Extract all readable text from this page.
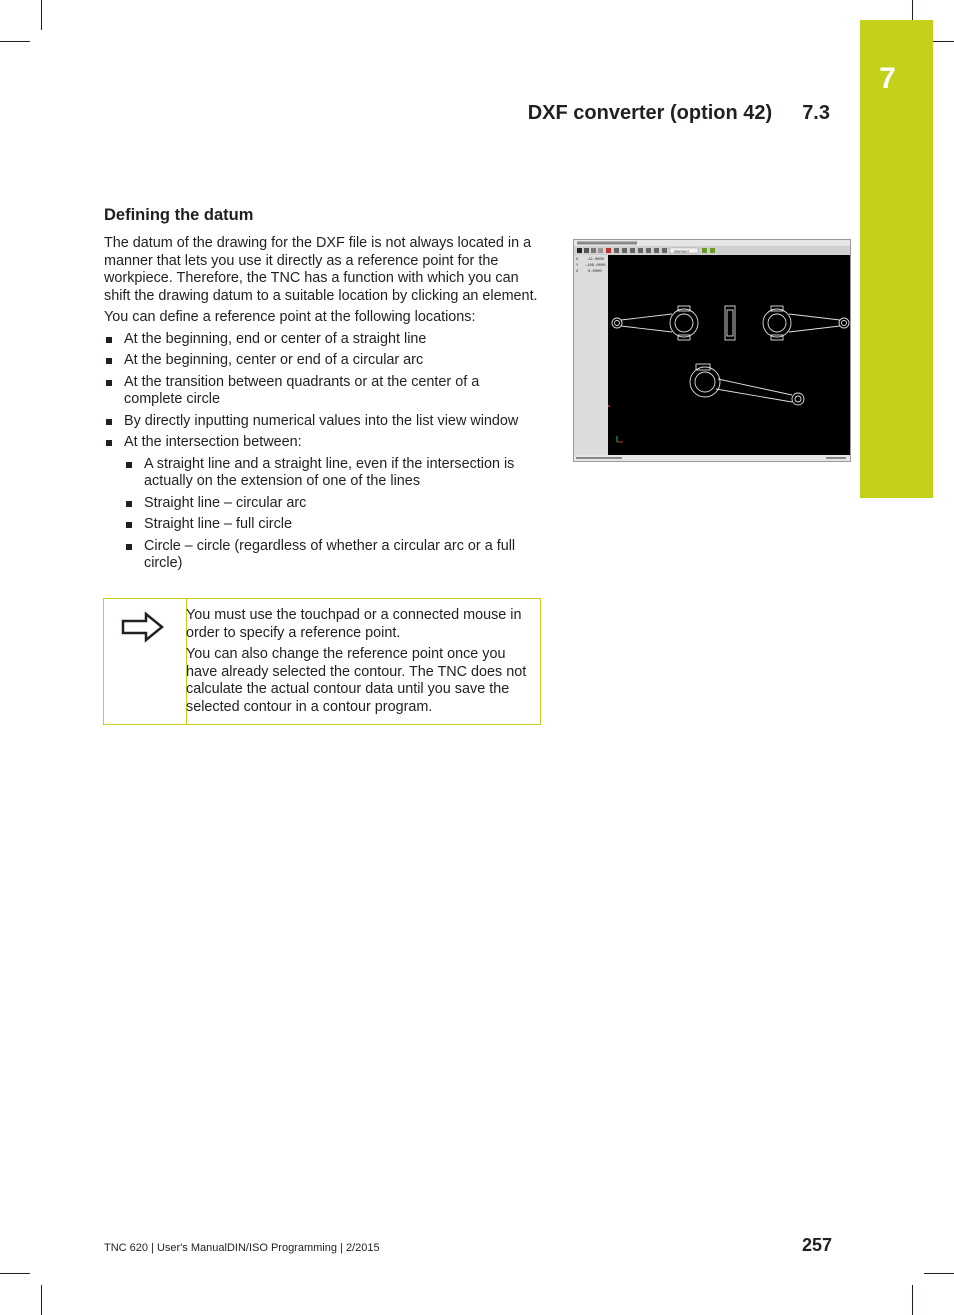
7
DXF converter (option 42) 7.3
Defining the datum

The datum of the drawing for the DXF file is not always located in a manner that lets you use it directly as a reference point for the workpiece. Therefore, the TNC has a function with which you can shift the drawing datum to a suitable location by clicking an element.

You can define a reference point at the following locations:

At the beginning, end or center of a straight line
At the beginning, center or end of a circular arc
At the transition between quadrants or at the center of a complete circle
By directly inputting numerical values into the list view window
At the intersection between:
A straight line and a straight line, even if the intersection is actually on the extension of one of the lines
Straight line – circular arc
Straight line – full circle
Circle – circle (regardless of whether a circular arc or a full circle)

You must use the touchpad or a connected mouse in order to specify a reference point.

You can also change the reference point once you have already selected the contour. The TNC does not calculate the actual contour data until you save the selected contour in a contour program.

Standard
X	12.0000
Y -109.0000
Z	0.0000
TNC 620 | User's ManualDIN/ISO Programming | 2/2015	257
